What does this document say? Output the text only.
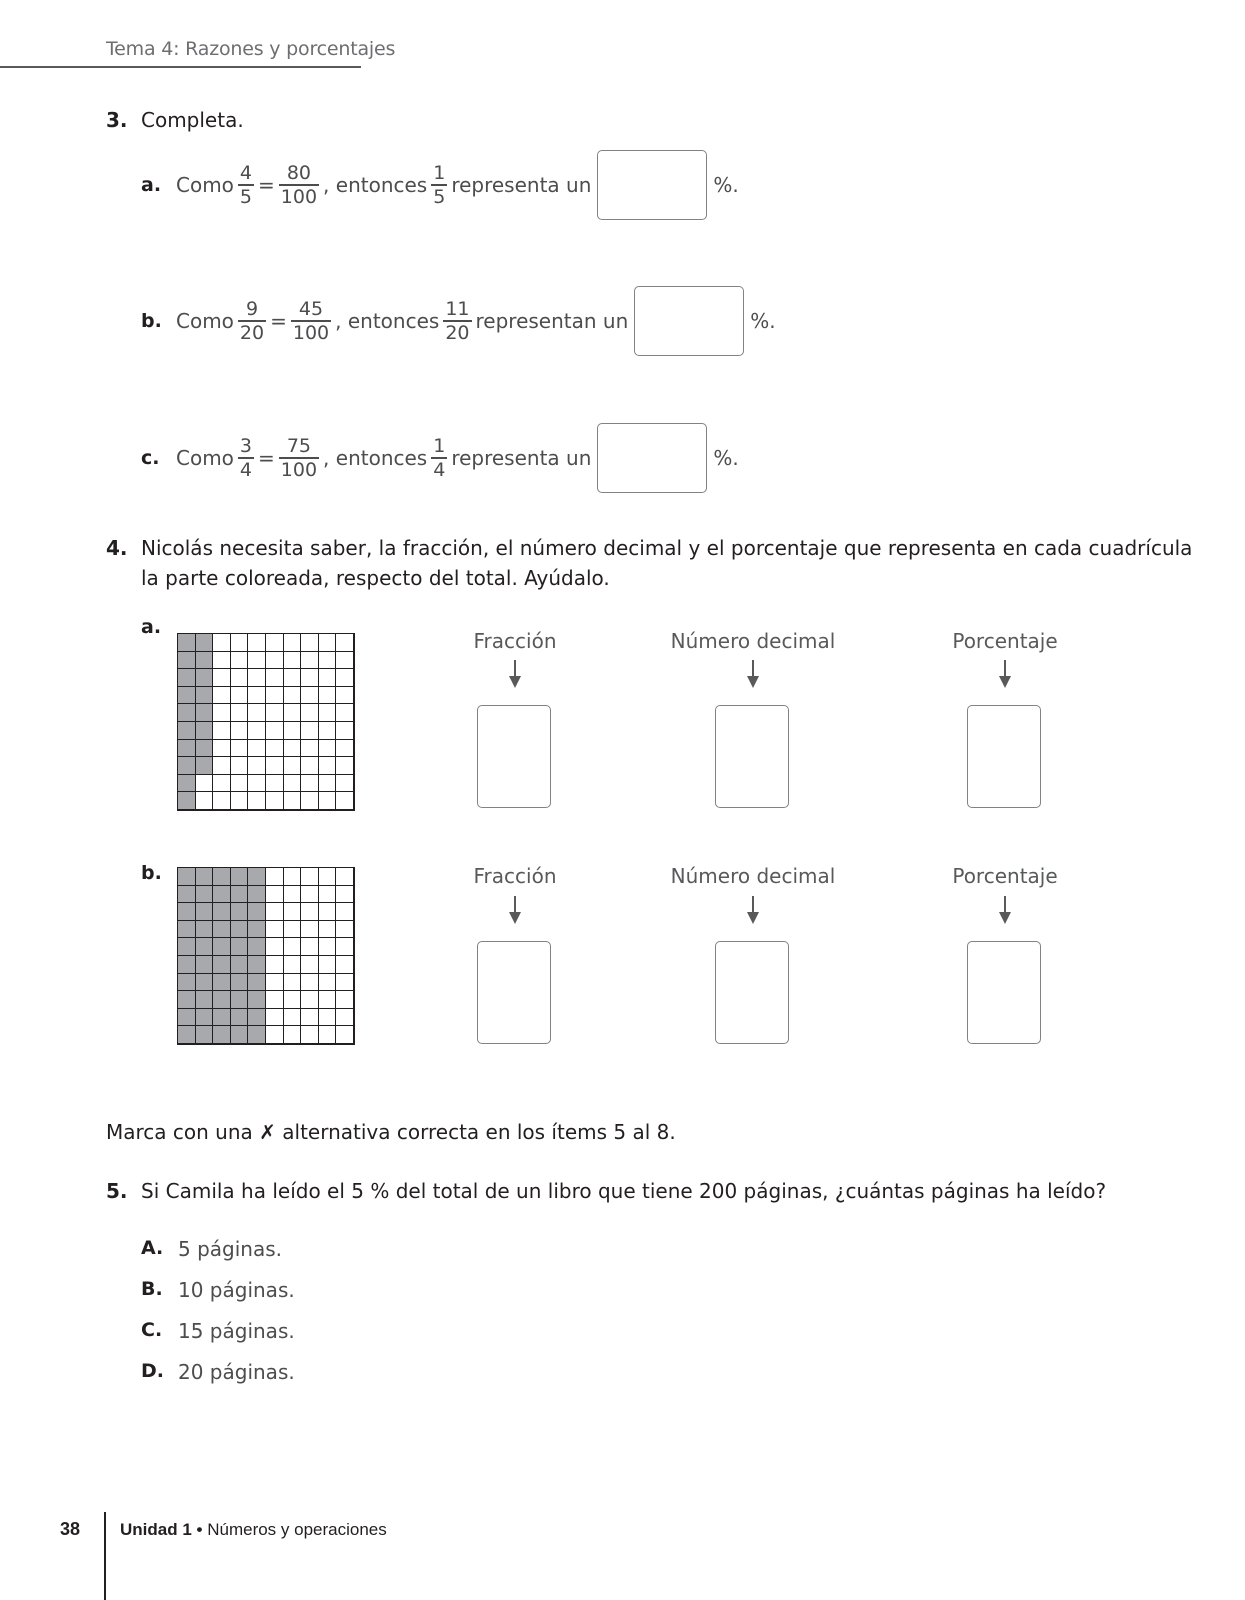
Tema 4: Razones y porcentajes
3. Completa.
a. Como $\frac{4}{5} = \frac{80}{100}$ , entonces $\frac{1}{5}$ representa un	%.
b. Como $\frac{9}{20} = \frac{45}{100}$ , entonces $\frac{11}{20}$ representan un	%.
c. Como $\frac{3}{4} = \frac{75}{100}$ , entonces $\frac{1}{4}$ representa un	%.
4. Nicolás necesita saber, la fracción, el número decimal y el porcentaje que representa en cada cuadrícula
la parte coloreada, respecto del total. Ayúdalo.
a.
b.
Fracción	Número decimal	Porcentaje
Fracción	Número decimal	Porcentaje
Marca con una ✗ alternativa correcta en los ítems 5 al 8.
5. Si Camila ha leído el 5 % del total de un libro que tiene 200 páginas, ¿cuántas páginas ha leído?
A. 5 páginas.
B. 10 páginas.
C. 15 páginas.
D. 20 páginas.
38 Unidad 1 • Números y operaciones
